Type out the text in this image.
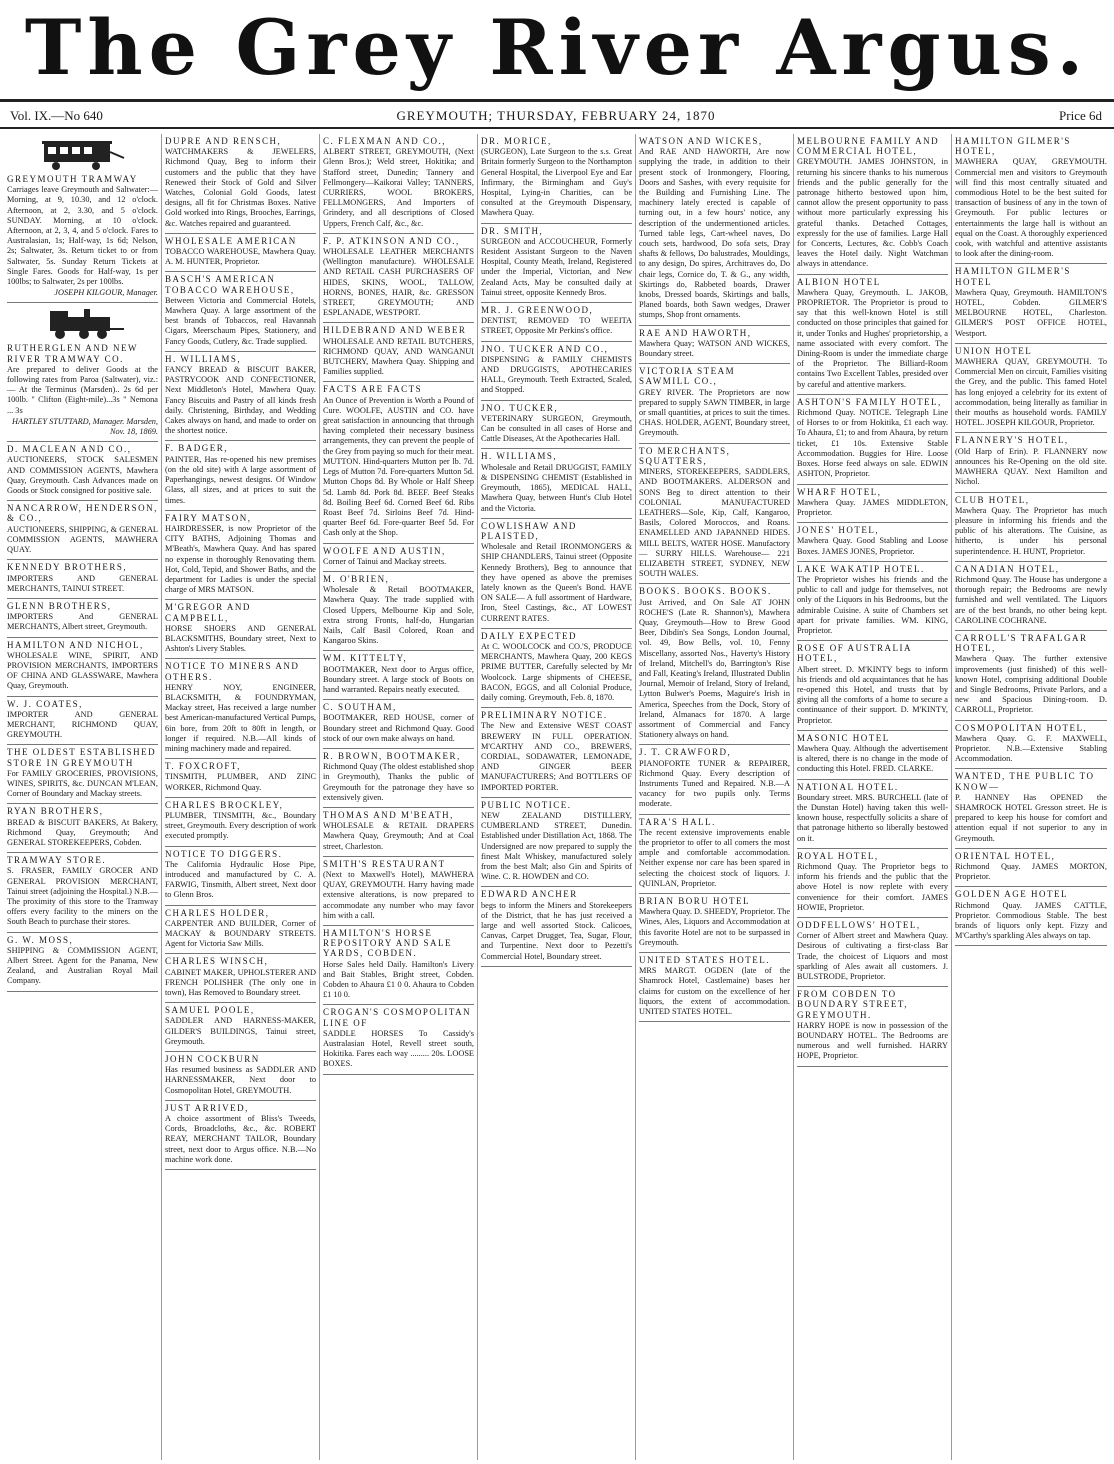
The Grey River Argus.
Vol. IX.—No 640	GREYMOUTH; THURSDAY, FEBRUARY 24, 1870	Price 6d
GREYMOUTH TRAMWAY

Carriages leave Greymouth and Saltwater:—Morning, at 9, 10.30, and 12 o'clock. Afternoon, at 2, 3.30, and 5 o'clock. SUNDAY. Morning, at 10 o'clock. Afternoon, at 2, 3, 4, and 5 o'clock. Fares to Australasian, 1s; Half-way, 1s 6d; Nelson, 2s; Saltwater, 3s. Return ticket to or from Saltwater, 5s. Sunday Return Tickets at Single Fares. Goods for Half-way, 1s per 100lbs; to Saltwater, 2s per 100lbs.

JOSEPH KILGOUR, Manager.

RUTHERGLEN AND NEW RIVER TRAMWAY CO.

Are prepared to deliver Goods at the following rates from Paroa (Saltwater), viz.:— At the Terminus (Marsden).. 2s 6d per 100lb. " Clifton (Eight-mile)...3s " Nemona ... 3s

HARTLEY STUTTARD, Manager. Marsden, Nov. 18, 1869.

D. MACLEAN AND CO.,

AUCTIONEERS, STOCK SALESMEN AND COMMISSION AGENTS, Mawhera Quay, Greymouth. Cash Advances made on Goods or Stock consigned for positive sale.

NANCARROW, HENDERSON, & CO.,

AUCTIONEERS, SHIPPING, & GENERAL COMMISSION AGENTS, MAWHERA QUAY.

KENNEDY BROTHERS,

IMPORTERS AND GENERAL MERCHANTS, TAINUI STREET.

GLENN BROTHERS,

IMPORTERS And GENERAL MERCHANTS, Albert street, Greymouth.

HAMILTON AND NICHOL,

WHOLESALE WINE, SPIRIT, AND PROVISION MERCHANTS, IMPORTERS OF CHINA AND GLASSWARE, Mawhera Quay, Greymouth.

W. J. COATES,

IMPORTER AND GENERAL MERCHANT, RICHMOND QUAY, GREYMOUTH.

THE OLDEST ESTABLISHED STORE IN GREYMOUTH

For FAMILY GROCERIES, PROVISIONS, WINES, SPIRITS, &c. DUNCAN M'LEAN, Corner of Boundary and Mackay streets.

RYAN BROTHERS,

BREAD & BISCUIT BAKERS, At Bakery, Richmond Quay, Greymouth; And GENERAL STOREKEEPERS, Cobden.

TRAMWAY STORE.

S. FRASER, FAMILY GROCER AND GENERAL PROVISION MERCHANT, Tainui street (adjoining the Hospital.) N.B.—The proximity of this store to the Tramway offers every facility to the miners on the South Beach to purchase their stores.

G. W. MOSS,

SHIPPING & COMMISSION AGENT, Albert Street. Agent for the Panama, New Zealand, and Australian Royal Mail Company.

DUPRE AND RENSCH,

WATCHMAKERS & JEWELERS, Richmond Quay, Beg to inform their customers and the public that they have Renewed their Stock of Gold and Silver Watches, Colonial Gold Goods, latest designs, all fit for Christmas Boxes. Native Gold worked into Rings, Brooches, Earrings, &c. Watches repaired and guaranteed.

WHOLESALE AMERICAN

TOBACCO WAREHOUSE, Mawhera Quay. A. M. HUNTER, Proprietor.

BASCH'S AMERICAN TOBACCO WAREHOUSE,

Between Victoria and Commercial Hotels, Mawhera Quay. A large assortment of the best brands of Tobaccos, real Havannah Cigars, Meerschaum Pipes, Stationery, and Fancy Goods, Cutlery, &c. Trade supplied.

H. WILLIAMS,

FANCY BREAD & BISCUIT BAKER, PASTRYCOOK AND CONFECTIONER, Next Middleton's Hotel, Mawhera Quay. Fancy Biscuits and Pastry of all kinds fresh daily. Christening, Birthday, and Wedding Cakes always on hand, and made to order on the shortest notice.

F. BADGER,

PAINTER, Has re-opened his new premises (on the old site) with A large assortment of Paperhangings, newest designs. Of Window Glass, all sizes, and at prices to suit the times.

FAIRY MATSON,

HAIRDRESSER, is now Proprietor of the CITY BATHS, Adjoining Thomas and M'Beath's, Mawhera Quay. And has spared no expense in thoroughly Renovating them. Hot, Cold, Tepid, and Shower Baths, and the department for Ladies is under the special charge of MRS MATSON.

M'GREGOR AND CAMPBELL,

HORSE SHOERS AND GENERAL BLACKSMITHS, Boundary street, Next to Ashton's Livery Stables.

NOTICE TO MINERS AND OTHERS.

HENRY NOY, ENGINEER, BLACKSMITH, & FOUNDRYMAN, Mackay street, Has received a large number best American-manufactured Vertical Pumps, 6in bore, from 20ft to 80ft in length, or longer if required. N.B.—All kinds of mining machinery made and repaired.

T. FOXCROFT,

TINSMITH, PLUMBER, AND ZINC WORKER, Richmond Quay.

CHARLES BROCKLEY,

PLUMBER, TINSMITH, &c., Boundary street, Greymouth. Every description of work executed promptly.

NOTICE TO DIGGERS.

The California Hydraulic Hose Pipe, introduced and manufactured by C. A. FARWIG, Tinsmith, Albert street, Next door to Glenn Bros.

CHARLES HOLDER,

CARPENTER AND BUILDER, Corner of MACKAY & BOUNDARY STREETS. Agent for Victoria Saw Mills.

CHARLES WINSCH,

CABINET MAKER, UPHOLSTERER AND FRENCH POLISHER (The only one in town), Has Removed to Boundary street.

SAMUEL POOLE,

SADDLER AND HARNESS-MAKER, GILDER'S BUILDINGS, Tainui street, Greymouth.

JOHN COCKBURN

Has resumed business as SADDLER AND HARNESSMAKER, Next door to Cosmopolitan Hotel, GREYMOUTH.

JUST ARRIVED,

A choice assortment of Bliss's Tweeds, Cords, Broadcloths, &c., &c. ROBERT REAY, MERCHANT TAILOR, Boundary street, next door to Argus office. N.B.—No machine work done.

C. FLEXMAN AND CO.,

ALBERT STREET, GREYMOUTH, (Next Glenn Bros.); Weld street, Hokitika; and Stafford street, Dunedin; Tannery and Fellmongery—Kaikorai Valley; TANNERS, CURRIERS, WOOL BROKERS, FELLMONGERS, And Importers of Grindery, and all descriptions of Closed Uppers, French Calf, &c., &c.

F. P. ATKINSON AND CO.,

WHOLESALE LEATHER MERCHANTS (Wellington manufacture). WHOLESALE AND RETAIL CASH PURCHASERS OF HIDES, SKINS, WOOL, TALLOW, HORNS, BONES, HAIR, &c. GRESSON STREET, GREYMOUTH; AND ESPLANADE, WESTPORT.

HILDEBRAND AND WEBER

WHOLESALE AND RETAIL BUTCHERS, RICHMOND QUAY, AND WANGANUI BUTCHERY, Mawhera Quay. Shipping and Families supplied.

FACTS ARE FACTS

An Ounce of Prevention is Worth a Pound of Cure. WOOLFE, AUSTIN and CO. have great satisfaction in announcing that through having completed their necessary business arrangements, they can prevent the people of the Grey from paying so much for their meat. MUTTON. Hind-quarters Mutton per lb. 7d. Legs of Mutton 7d. Fore-quarters Mutton 5d. Mutton Chops 8d. By Whole or Half Sheep 5d. Lamb 8d. Pork 8d. BEEF. Beef Steaks 8d. Boiling Beef 6d. Corned Beef 6d. Ribs Roast Beef 7d. Sirloins Beef 7d. Hind-quarter Beef 6d. Fore-quarter Beef 5d. For Cash only at the Shop.

WOOLFE AND AUSTIN,

Corner of Tainui and Mackay streets.

M. O'BRIEN,

Wholesale & Retail BOOTMAKER, Mawhera Quay. The trade supplied with Closed Uppers, Melbourne Kip and Sole, extra strong Fronts, half-do, Hungarian Nails, Calf Basil Colored, Roan and Kangaroo Skins.

WM. KITTELTY,

BOOTMAKER, Next door to Argus office, Boundary street. A large stock of Boots on hand warranted. Repairs neatly executed.

C. SOUTHAM,

BOOTMAKER, RED HOUSE, corner of Boundary street and Richmond Quay. Good stock of our own make always on hand.

R. BROWN, BOOTMAKER,

Richmond Quay (The oldest established shop in Greymouth), Thanks the public of Greymouth for the patronage they have so extensively given.

THOMAS AND M'BEATH,

WHOLESALE & RETAIL DRAPERS Mawhera Quay, Greymouth; And at Coal street, Charleston.

SMITH'S RESTAURANT

(Next to Maxwell's Hotel), MAWHERA QUAY, GREYMOUTH. Harry having made extensive alterations, is now prepared to accommodate any number who may favor him with a call.

HAMILTON'S HORSE REPOSITORY AND SALE YARDS, COBDEN.

Horse Sales held Daily. Hamilton's Livery and Bait Stables, Bright street, Cobden. Cobden to Ahaura £1 0 0. Ahaura to Cobden £1 10 0.

CROGAN'S COSMOPOLITAN LINE OF

SADDLE HORSES To Cassidy's Australasian Hotel, Revell street south, Hokitika. Fares each way ......... 20s. LOOSE BOXES.

DR. MORICE,

(SURGEON), Late Surgeon to the s.s. Great Britain formerly Surgeon to the Northampton General Hospital, the Liverpool Eye and Ear Infirmary, the Birmingham and Guy's Hospital, Lying-in Charities, can be consulted at the Greymouth Dispensary, Mawhera Quay.

DR. SMITH,

SURGEON and ACCOUCHEUR, Formerly Resident Assistant Surgeon to the Naven Hospital, County Meath, Ireland, Registered under the Imperial, Victorian, and New Zealand Acts, May be consulted daily at Tainui street, opposite Kennedy Bros.

MR. J. GREENWOOD,

DENTIST, REMOVED TO WEEITA STREET, Opposite Mr Perkins's office.

JNO. TUCKER AND CO.,

DISPENSING & FAMILY CHEMISTS AND DRUGGISTS, APOTHECARIES HALL, Greymouth. Teeth Extracted, Scaled, and Stopped.

JNO. TUCKER,

VETERINARY SURGEON, Greymouth, Can be consulted in all cases of Horse and Cattle Diseases, At the Apothecaries Hall.

H. WILLIAMS,

Wholesale and Retail DRUGGIST, FAMILY & DISPENSING CHEMIST (Established in Greymouth, 1865), MEDICAL HALL, Mawhera Quay, between Hunt's Club Hotel and the Victoria.

COWLISHAW AND PLAISTED,

Wholesale and Retail IRONMONGERS & SHIP CHANDLERS, Tainui street (Opposite Kennedy Brothers), Beg to announce that they have opened as above the premises lately known as the Queen's Bond. HAVE ON SALE— A full assortment of Hardware, Iron, Steel Castings, &c., AT LOWEST CURRENT RATES.

DAILY EXPECTED

At C. WOOLCOCK and CO.'S, PRODUCE MERCHANTS, Mawhera Quay, 200 KEGS PRIME BUTTER, Carefully selected by Mr Woolcock. Large shipments of CHEESE, BACON, EGGS, and all Colonial Produce, daily coming. Greymouth, Feb. 8, 1870.

PRELIMINARY NOTICE.

The New and Extensive WEST COAST BREWERY IN FULL OPERATION. M'CARTHY AND CO., BREWERS, CORDIAL, SODAWATER, LEMONADE, AND GINGER BEER MANUFACTURERS; And BOTTLERS OF IMPORTED PORTER.

PUBLIC NOTICE.

NEW ZEALAND DISTILLERY, CUMBERLAND STREET, Dunedin. Established under Distillation Act, 1868. The Undersigned are now prepared to supply the finest Malt Whiskey, manufactured solely from the best Malt; also Gin and Spirits of Wine. C. R. HOWDEN and CO.

EDWARD ANCHER

begs to inform the Miners and Storekeepers of the District, that he has just received a large and well assorted Stock. Calicoes, Canvas, Carpet Drugget, Tea, Sugar, Flour, and Turpentine. Next door to Pezetti's Commercial Hotel, Boundary street.

WATSON AND WICKES,

And RAE AND HAWORTH, Are now supplying the trade, in addition to their present stock of Ironmongery, Flooring, Doors and Sashes, with every requisite for the Building and Furnishing Line. The machinery lately erected is capable of turning out, in a few hours' notice, any description of the undermentioned articles. Turned table legs, Cart-wheel naves, Do couch sets, hardwood, Do sofa sets, Dray shafts & fellows, Do balustrades, Mouldings, to any design, Do spires, Architraves do, Do chair legs, Cornice do, T. & G., any width, Skirtings do, Rabbeted boards, Drawer knobs, Dressed boards, Skirtings and balls, Planed boards, both Sawn wedges, Drawer stumps, Shop front ornaments.

RAE AND HAWORTH,

Mawhera Quay; WATSON AND WICKES, Boundary street.

VICTORIA STEAM SAWMILL CO.,

GREY RIVER. The Proprietors are now prepared to supply SAWN TIMBER, in large or small quantities, at prices to suit the times. CHAS. HOLDER, AGENT, Boundary street, Greymouth.

TO MERCHANTS, SQUATTERS,

MINERS, STOREKEEPERS, SADDLERS, AND BOOTMAKERS. ALDERSON and SONS Beg to direct attention to their COLONIAL MANUFACTURED LEATHERS—Sole, Kip, Calf, Kangaroo, Basils, Colored Moroccos, and Roans. ENAMELLED AND JAPANNED HIDES. MILL BELTS, WATER HOSE. Manufactory— SURRY HILLS. Warehouse— 221 ELIZABETH STREET, SYDNEY, NEW SOUTH WALES.

BOOKS. BOOKS. BOOKS.

Just Arrived, and On Sale AT JOHN ROCHE'S (Late R. Shannon's), Mawhera Quay, Greymouth—How to Brew Good Beer, Dibdin's Sea Songs, London Journal, vol. 49, Bow Bells, vol. 10, Fenny Miscellany, assorted Nos., Haverty's History of Ireland, Mitchell's do, Barrington's Rise and Fall, Keating's Ireland, Illustrated Dublin Journal, Memoir of Ireland, Story of Ireland, Lytton Bulwer's Poems, Maguire's Irish in America, Speeches from the Dock, Story of Ireland, Almanacs for 1870. A large assortment of Commercial and Fancy Stationery always on hand.

J. T. CRAWFORD,

PIANOFORTE TUNER & REPAIRER, Richmond Quay. Every description of Instruments Tuned and Repaired. N.B.—A vacancy for two pupils only. Terms moderate.

TARA'S HALL.

The recent extensive improvements enable the proprietor to offer to all comers the most ample and comfortable accommodation. Neither expense nor care has been spared in selecting the choicest stock of liquors. J. QUINLAN, Proprietor.

BRIAN BORU HOTEL

Mawhera Quay. D. SHEEDY, Proprietor. The Wines, Ales, Liquors and Accommodation at this favorite Hotel are not to be surpassed in Greymouth.

UNITED STATES HOTEL.

MRS MARGT. OGDEN (late of the Shamrock Hotel, Castlemaine) bases her claims for custom on the excellence of her liquors, the extent of accommodation. UNITED STATES HOTEL.

MELBOURNE FAMILY AND COMMERCIAL HOTEL,

GREYMOUTH. JAMES JOHNSTON, in returning his sincere thanks to his numerous friends and the public generally for the patronage hitherto bestowed upon him, cannot allow the present opportunity to pass without more particularly expressing his grateful thanks. Detached Cottages, expressly for the use of families. Large Hall for Concerts, Lectures, &c. Cobb's Coach leaves the Hotel daily. Night Watchman always in attendance.

ALBION HOTEL

Mawhera Quay, Greymouth. L. JAKOB, PROPRIETOR. The Proprietor is proud to say that this well-known Hotel is still conducted on those principles that gained for it, under Tonks and Hughes' proprietorship, a name associated with every comfort. The Dining-Room is under the immediate charge of the Proprietor. The Billiard-Room contains Two Excellent Tables, presided over by careful and attentive markers.

ASHTON'S FAMILY HOTEL,

Richmond Quay. NOTICE. Telegraph Line of Horses to or from Hokitika, £1 each way. To Ahaura, £1; to and from Ahaura, by return ticket, £1 10s. Extensive Stable Accommodation. Buggies for Hire. Loose Boxes. Horse feed always on sale. EDWIN ASHTON, Proprietor.

WHARF HOTEL,

Mawhera Quay. JAMES MIDDLETON, Proprietor.

JONES' HOTEL,

Mawhera Quay. Good Stabling and Loose Boxes. JAMES JONES, Proprietor.

LAKE WAKATIP HOTEL.

The Proprietor wishes his friends and the public to call and judge for themselves, not only of the Liquors in his Bedrooms, but the admirable Cuisine. A suite of Chambers set apart for private families. WM. KING, Proprietor.

ROSE OF AUSTRALIA HOTEL,

Albert street. D. M'KINTY begs to inform his friends and old acquaintances that he has re-opened this Hotel, and trusts that by giving all the comforts of a home to secure a continuance of their support. D. M'KINTY, Proprietor.

MASONIC HOTEL

Mawhera Quay. Although the advertisement is altered, there is no change in the mode of conducting this Hotel. FRED. CLARKE.

NATIONAL HOTEL.

Boundary street. MRS. BURCHELL (late of the Dunstan Hotel) having taken this well-known house, respectfully solicits a share of that patronage hitherto so liberally bestowed on it.

ROYAL HOTEL,

Richmond Quay. The Proprietor begs to inform his friends and the public that the above Hotel is now replete with every convenience for their comfort. JAMES HOWIE, Proprietor.

ODDFELLOWS' HOTEL,

Corner of Albert street and Mawhera Quay. Desirous of cultivating a first-class Bar Trade, the choicest of Liquors and most sparkling of Ales await all customers. J. BULSTRODE, Proprietor.

FROM COBDEN TO BOUNDARY STREET, GREYMOUTH.

HARRY HOPE is now in possession of the BOUNDARY HOTEL. The Bedrooms are numerous and well furnished. HARRY HOPE, Proprietor.

HAMILTON GILMER'S HOTEL,

MAWHERA QUAY, GREYMOUTH. Commercial men and visitors to Greymouth will find this most centrally situated and commodious Hotel to be the best suited for transaction of business of any in the town of Greymouth. For public lectures or entertainments the large hall is without an equal on the Coast. A thoroughly experienced cook, with watchful and attentive assistants to look after the dining-room.

HAMILTON GILMER'S HOTEL

Mawhera Quay, Greymouth. HAMILTON'S HOTEL, Cobden. GILMER'S MELBOURNE HOTEL, Charleston. GILMER'S POST OFFICE HOTEL, Westport.

UNION HOTEL

MAWHERA QUAY, GREYMOUTH. To Commercial Men on circuit, Families visiting the Grey, and the public. This famed Hotel has long enjoyed a celebrity for its extent of accommodation, being literally as familiar in their mouths as household words. FAMILY HOTEL. JOSEPH KILGOUR, Proprietor.

FLANNERY'S HOTEL,

(Old Harp of Erin). P. FLANNERY now announces his Re-Opening on the old site. MAWHERA QUAY. Next Hamilton and Nichol.

CLUB HOTEL,

Mawhera Quay. The Proprietor has much pleasure in informing his friends and the public of his alterations. The Cuisine, as hitherto, is under his personal superintendence. H. HUNT, Proprietor.

CANADIAN HOTEL,

Richmond Quay. The House has undergone a thorough repair; the Bedrooms are newly furnished and well ventilated. The Liquors are of the best brands, no other being kept. CAROLINE COCHRANE.

CARROLL'S TRAFALGAR HOTEL,

Mawhera Quay. The further extensive improvements (just finished) of this well-known Hotel, comprising additional Double and Single Bedrooms, Private Parlors, and a new and Spacious Dining-room. D. CARROLL, Proprietor.

COSMOPOLITAN HOTEL,

Mawhera Quay. G. F. MAXWELL, Proprietor. N.B.—Extensive Stabling Accommodation.

WANTED, THE PUBLIC TO KNOW—

P. HANNEY Has OPENED the SHAMROCK HOTEL Gresson street. He is prepared to keep his house for comfort and attention equal if not superior to any in Greymouth.

ORIENTAL HOTEL,

Richmond Quay. JAMES MORTON, Proprietor.

GOLDEN AGE HOTEL

Richmond Quay. JAMES CATTLE, Proprietor. Commodious Stable. The best brands of liquors only kept. Fizzy and M'Carthy's sparkling Ales always on tap.
